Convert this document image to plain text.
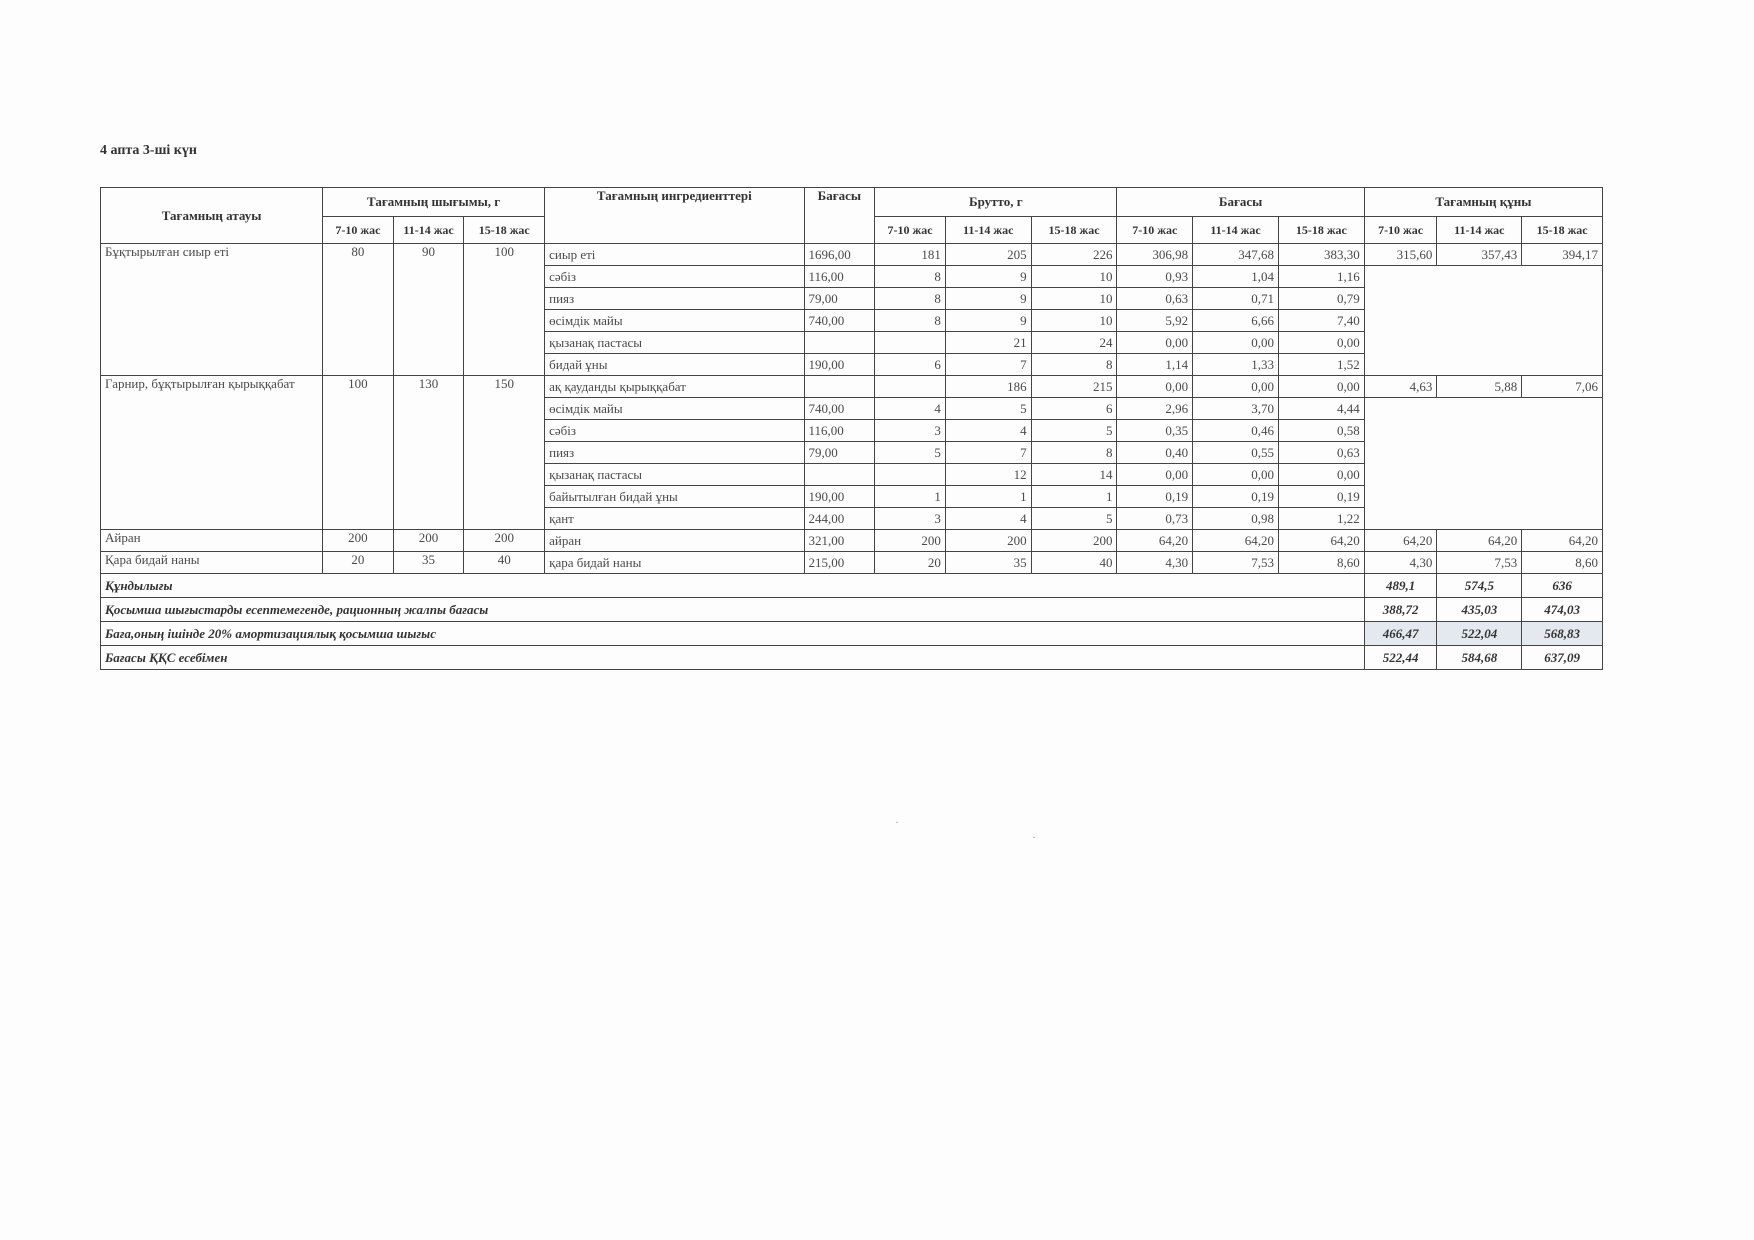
4 апта 3-ші күн
Тағамның атауы	Тағамның шығымы, г			Тағамның ингредиенттері	Бағасы	Брутто, г			Бағасы			Тағамның құны		
	7-10 жас	11-14 жас	15-18 жас			7-10 жас	11-14 жас	15-18 жас	7-10 жас	11-14 жас	15-18 жас	7-10 жас	11-14 жас	15-18 жас
Бұқтырылған сиыр еті	80	90	100	сиыр еті	1696,00	181	205	226	306,98	347,68	383,30	315,60	357,43	394,17
				сәбіз	116,00	8	9	10	0,93	1,04	1,16			
				пияз	79,00	8	9	10	0,63	0,71	0,79			
				өсімдік майы	740,00	8	9	10	5,92	6,66	7,40			
				қызанақ пастасы			21	24	0,00	0,00	0,00			
				бидай ұны	190,00	6	7	8	1,14	1,33	1,52			
Гарнир, бұқтырылған қырыққабат	100	130	150	ақ қауданды қырыққабат			186	215	0,00	0,00	0,00	4,63	5,88	7,06
				өсімдік майы	740,00	4	5	6	2,96	3,70	4,44			
				сәбіз	116,00	3	4	5	0,35	0,46	0,58			
				пияз	79,00	5	7	8	0,40	0,55	0,63			
				қызанақ пастасы			12	14	0,00	0,00	0,00			
				байытылған бидай ұны	190,00	1	1	1	0,19	0,19	0,19			
				қант	244,00	3	4	5	0,73	0,98	1,22			
Айран	200	200	200	айран	321,00	200	200	200	64,20	64,20	64,20	64,20	64,20	64,20
Қара бидай наны	20	35	40	қара бидай наны	215,00	20	35	40	4,30	7,53	8,60	4,30	7,53	8,60
Құндылығы												489,1	574,5	636
Қосымша шығыстарды есептемегенде, рационның жалпы бағасы												388,72	435,03	474,03
Баға,оның ішінде 20% амортизациялық қосымша шығыс												466,47	522,04	568,83
Бағасы ҚҚС есебімен												522,44	584,68	637,09
·
·
